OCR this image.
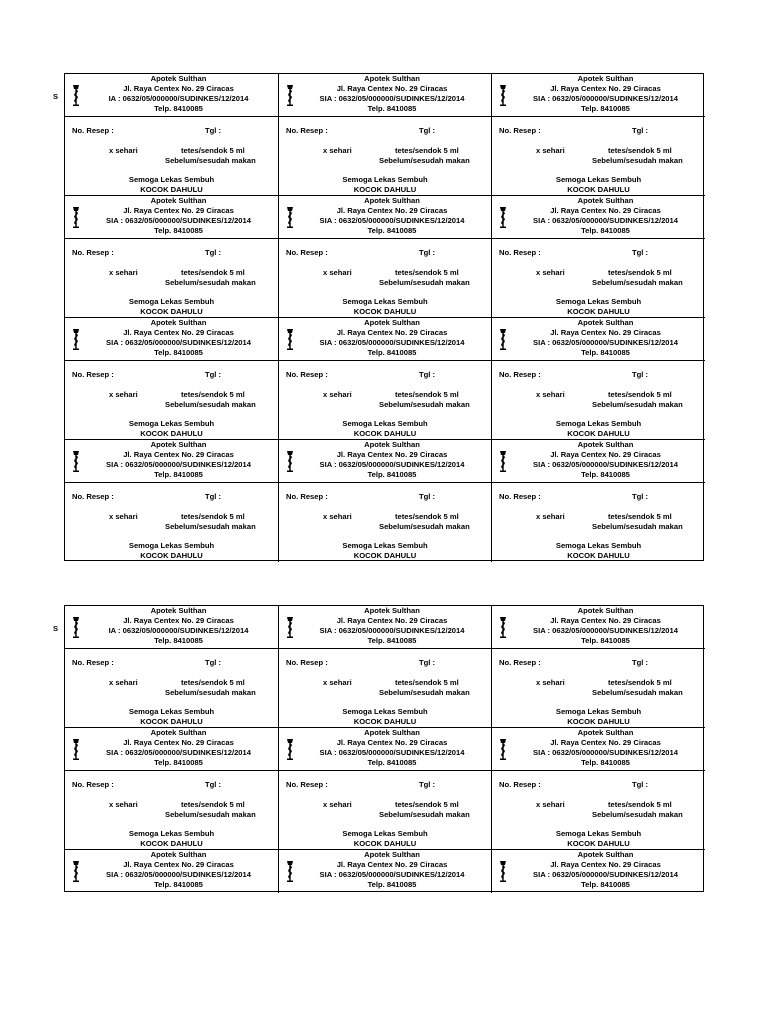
S
S
Apotek Sulthan
Jl. Raya Centex No. 29 Ciracas
IA : 0632/05/000000/SUDINKES/12/2014
Telp. 8410085
Apotek Sulthan
Jl. Raya Centex No. 29 Ciracas
SIA : 0632/05/000000/SUDINKES/12/2014
Telp. 8410085
Apotek Sulthan
Jl. Raya Centex No. 29 Ciracas
SIA : 0632/05/000000/SUDINKES/12/2014
Telp. 8410085
No. Resep :	Tgl :
x sehari	tetes/sendok 5 ml
Sebelum/sesudah makan
Semoga Lekas Sembuh
KOCOK DAHULU
No. Resep :	Tgl :
x sehari	tetes/sendok 5 ml
Sebelum/sesudah makan
Semoga Lekas Sembuh
KOCOK DAHULU
No. Resep :	Tgl :
x sehari	tetes/sendok 5 ml
Sebelum/sesudah makan
Semoga Lekas Sembuh
KOCOK DAHULU
Apotek Sulthan
Jl. Raya Centex No. 29 Ciracas
SIA : 0632/05/000000/SUDINKES/12/2014
Telp. 8410085
Apotek Sulthan
Jl. Raya Centex No. 29 Ciracas
SIA : 0632/05/000000/SUDINKES/12/2014
Telp. 8410085
Apotek Sulthan
Jl. Raya Centex No. 29 Ciracas
SIA : 0632/05/000000/SUDINKES/12/2014
Telp. 8410085
No. Resep :	Tgl :
x sehari	tetes/sendok 5 ml
Sebelum/sesudah makan
Semoga Lekas Sembuh
KOCOK DAHULU
No. Resep :	Tgl :
x sehari	tetes/sendok 5 ml
Sebelum/sesudah makan
Semoga Lekas Sembuh
KOCOK DAHULU
No. Resep :	Tgl :
x sehari	tetes/sendok 5 ml
Sebelum/sesudah makan
Semoga Lekas Sembuh
KOCOK DAHULU
Apotek Sulthan
Jl. Raya Centex No. 29 Ciracas
SIA : 0632/05/000000/SUDINKES/12/2014
Telp. 8410085
Apotek Sulthan
Jl. Raya Centex No. 29 Ciracas
SIA : 0632/05/000000/SUDINKES/12/2014
Telp. 8410085
Apotek Sulthan
Jl. Raya Centex No. 29 Ciracas
SIA : 0632/05/000000/SUDINKES/12/2014
Telp. 8410085
No. Resep :	Tgl :
x sehari	tetes/sendok 5 ml
Sebelum/sesudah makan
Semoga Lekas Sembuh
KOCOK DAHULU
No. Resep :	Tgl :
x sehari	tetes/sendok 5 ml
Sebelum/sesudah makan
Semoga Lekas Sembuh
KOCOK DAHULU
No. Resep :	Tgl :
x sehari	tetes/sendok 5 ml
Sebelum/sesudah makan
Semoga Lekas Sembuh
KOCOK DAHULU
Apotek Sulthan
Jl. Raya Centex No. 29 Ciracas
SIA : 0632/05/000000/SUDINKES/12/2014
Telp. 8410085
Apotek Sulthan
Jl. Raya Centex No. 29 Ciracas
SIA : 0632/05/000000/SUDINKES/12/2014
Telp. 8410085
Apotek Sulthan
Jl. Raya Centex No. 29 Ciracas
SIA : 0632/05/000000/SUDINKES/12/2014
Telp. 8410085
No. Resep :	Tgl :
x sehari	tetes/sendok 5 ml
Sebelum/sesudah makan
Semoga Lekas Sembuh
KOCOK DAHULU
No. Resep :	Tgl :
x sehari	tetes/sendok 5 ml
Sebelum/sesudah makan
Semoga Lekas Sembuh
KOCOK DAHULU
No. Resep :	Tgl :
x sehari	tetes/sendok 5 ml
Sebelum/sesudah makan
Semoga Lekas Sembuh
KOCOK DAHULU
Apotek Sulthan
Jl. Raya Centex No. 29 Ciracas
IA : 0632/05/000000/SUDINKES/12/2014
Telp. 8410085
Apotek Sulthan
Jl. Raya Centex No. 29 Ciracas
SIA : 0632/05/000000/SUDINKES/12/2014
Telp. 8410085
Apotek Sulthan
Jl. Raya Centex No. 29 Ciracas
SIA : 0632/05/000000/SUDINKES/12/2014
Telp. 8410085
No. Resep :	Tgl :
x sehari	tetes/sendok 5 ml
Sebelum/sesudah makan
Semoga Lekas Sembuh
KOCOK DAHULU
No. Resep :	Tgl :
x sehari	tetes/sendok 5 ml
Sebelum/sesudah makan
Semoga Lekas Sembuh
KOCOK DAHULU
No. Resep :	Tgl :
x sehari	tetes/sendok 5 ml
Sebelum/sesudah makan
Semoga Lekas Sembuh
KOCOK DAHULU
Apotek Sulthan
Jl. Raya Centex No. 29 Ciracas
SIA : 0632/05/000000/SUDINKES/12/2014
Telp. 8410085
Apotek Sulthan
Jl. Raya Centex No. 29 Ciracas
SIA : 0632/05/000000/SUDINKES/12/2014
Telp. 8410085
Apotek Sulthan
Jl. Raya Centex No. 29 Ciracas
SIA : 0632/05/000000/SUDINKES/12/2014
Telp. 8410085
No. Resep :	Tgl :
x sehari	tetes/sendok 5 ml
Sebelum/sesudah makan
Semoga Lekas Sembuh
KOCOK DAHULU
No. Resep :	Tgl :
x sehari	tetes/sendok 5 ml
Sebelum/sesudah makan
Semoga Lekas Sembuh
KOCOK DAHULU
No. Resep :	Tgl :
x sehari	tetes/sendok 5 ml
Sebelum/sesudah makan
Semoga Lekas Sembuh
KOCOK DAHULU
Apotek Sulthan
Jl. Raya Centex No. 29 Ciracas
SIA : 0632/05/000000/SUDINKES/12/2014
Telp. 8410085
Apotek Sulthan
Jl. Raya Centex No. 29 Ciracas
SIA : 0632/05/000000/SUDINKES/12/2014
Telp. 8410085
Apotek Sulthan
Jl. Raya Centex No. 29 Ciracas
SIA : 0632/05/000000/SUDINKES/12/2014
Telp. 8410085
